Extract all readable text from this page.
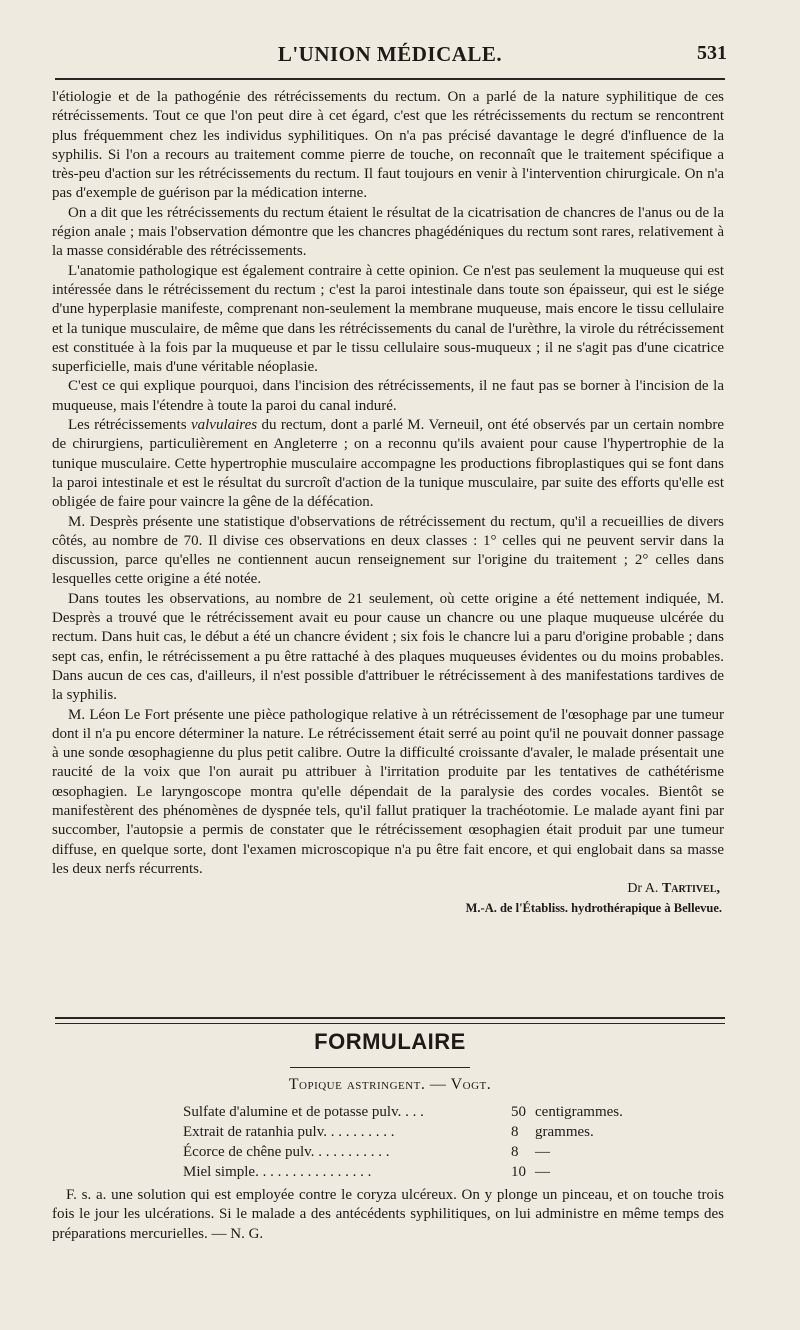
L'UNION MÉDICALE.	531

l'étiologie et de la pathogénie des rétrécissements du rectum. On a parlé de la nature syphilitique de ces rétrécissements. Tout ce que l'on peut dire à cet égard, c'est que les rétrécissements du rectum se rencontrent plus fréquemment chez les individus syphilitiques. On n'a pas précisé davantage le degré d'influence de la syphilis. Si l'on a recours au traitement comme pierre de touche, on reconnaît que le traitement spécifique a très-peu d'action sur les rétrécissements du rectum. Il faut toujours en venir à l'intervention chirurgicale. On n'a pas d'exemple de guérison par la médication interne.

On a dit que les rétrécissements du rectum étaient le résultat de la cicatrisation de chancres de l'anus ou de la région anale ; mais l'observation démontre que les chancres phagédéniques du rectum sont rares, relativement à la masse considérable des rétrécissements.

L'anatomie pathologique est également contraire à cette opinion. Ce n'est pas seulement la muqueuse qui est intéressée dans le rétrécissement du rectum ; c'est la paroi intestinale dans toute son épaisseur, qui est le siége d'une hyperplasie manifeste, comprenant non-seulement la membrane muqueuse, mais encore le tissu cellulaire et la tunique musculaire, de même que dans les rétrécissements du canal de l'urèthre, la virole du rétrécissement est constituée à la fois par la muqueuse et par le tissu cellulaire sous-muqueux ; il ne s'agit pas d'une cicatrice superficielle, mais d'une véritable néoplasie.

C'est ce qui explique pourquoi, dans l'incision des rétrécissements, il ne faut pas se borner à l'incision de la muqueuse, mais l'étendre à toute la paroi du canal induré.

Les rétrécissements valvulaires du rectum, dont a parlé M. Verneuil, ont été observés par un certain nombre de chirurgiens, particulièrement en Angleterre ; on a reconnu qu'ils avaient pour cause l'hypertrophie de la tunique musculaire. Cette hypertrophie musculaire accompagne les productions fibroplastiques qui se font dans la paroi intestinale et est le résultat du surcroît d'action de la tunique musculaire, par suite des efforts qu'elle est obligée de faire pour vaincre la gêne de la défécation.

M. Desprès présente une statistique d'observations de rétrécissement du rectum, qu'il a recueillies de divers côtés, au nombre de 70. Il divise ces observations en deux classes : 1° celles qui ne peuvent servir dans la discussion, parce qu'elles ne contiennent aucun renseignement sur l'origine du traitement ; 2° celles dans lesquelles cette origine a été notée.

Dans toutes les observations, au nombre de 21 seulement, où cette origine a été nettement indiquée, M. Desprès a trouvé que le rétrécissement avait eu pour cause un chancre ou une plaque muqueuse ulcérée du rectum. Dans huit cas, le début a été un chancre évident ; six fois le chancre lui a paru d'origine probable ; dans sept cas, enfin, le rétrécissement a pu être rattaché à des plaques muqueuses évidentes ou du moins probables. Dans aucun de ces cas, d'ailleurs, il n'est possible d'attribuer le rétrécissement à des manifestations tardives de la syphilis.

M. Léon Le Fort présente une pièce pathologique relative à un rétrécissement de l'œsophage par une tumeur dont il n'a pu encore déterminer la nature. Le rétrécissement était serré au point qu'il ne pouvait donner passage à une sonde œsophagienne du plus petit calibre. Outre la difficulté croissante d'avaler, le malade présentait une raucité de la voix que l'on aurait pu attribuer à l'irritation produite par les tentatives de cathétérisme œsophagien. Le laryngoscope montra qu'elle dépendait de la paralysie des cordes vocales. Bientôt se manifestèrent des phénomènes de dyspnée tels, qu'il fallut pratiquer la trachéotomie. Le malade ayant fini par succomber, l'autopsie a permis de constater que le rétrécissement œsophagien était produit par une tumeur diffuse, en quelque sorte, dont l'examen microscopique n'a pu être fait encore, et qui englobait dans sa masse les deux nerfs récurrents.

Dr A. Tartivel,
M.-A. de l'Établiss. hydrothérapique à Bellevue.
FORMULAIRE
Topique astringent. — Vogt.
Sulfate d'alumine et de potasse pulv. . . .	50 centigrammes.
Extrait de ratanhia pulv. . . . . . . . . .	8 grammes.
Écorce de chêne pulv. . . . . . . . . . .	8 —
Miel simple. . . . . . . . . . . . . . . .	10 —

F. s. a. une solution qui est employée contre le coryza ulcéreux. On y plonge un pinceau, et on touche trois fois le jour les ulcérations. Si le malade a des antécédents syphilitiques, on lui administre en même temps des préparations mercurielles. — N. G.
